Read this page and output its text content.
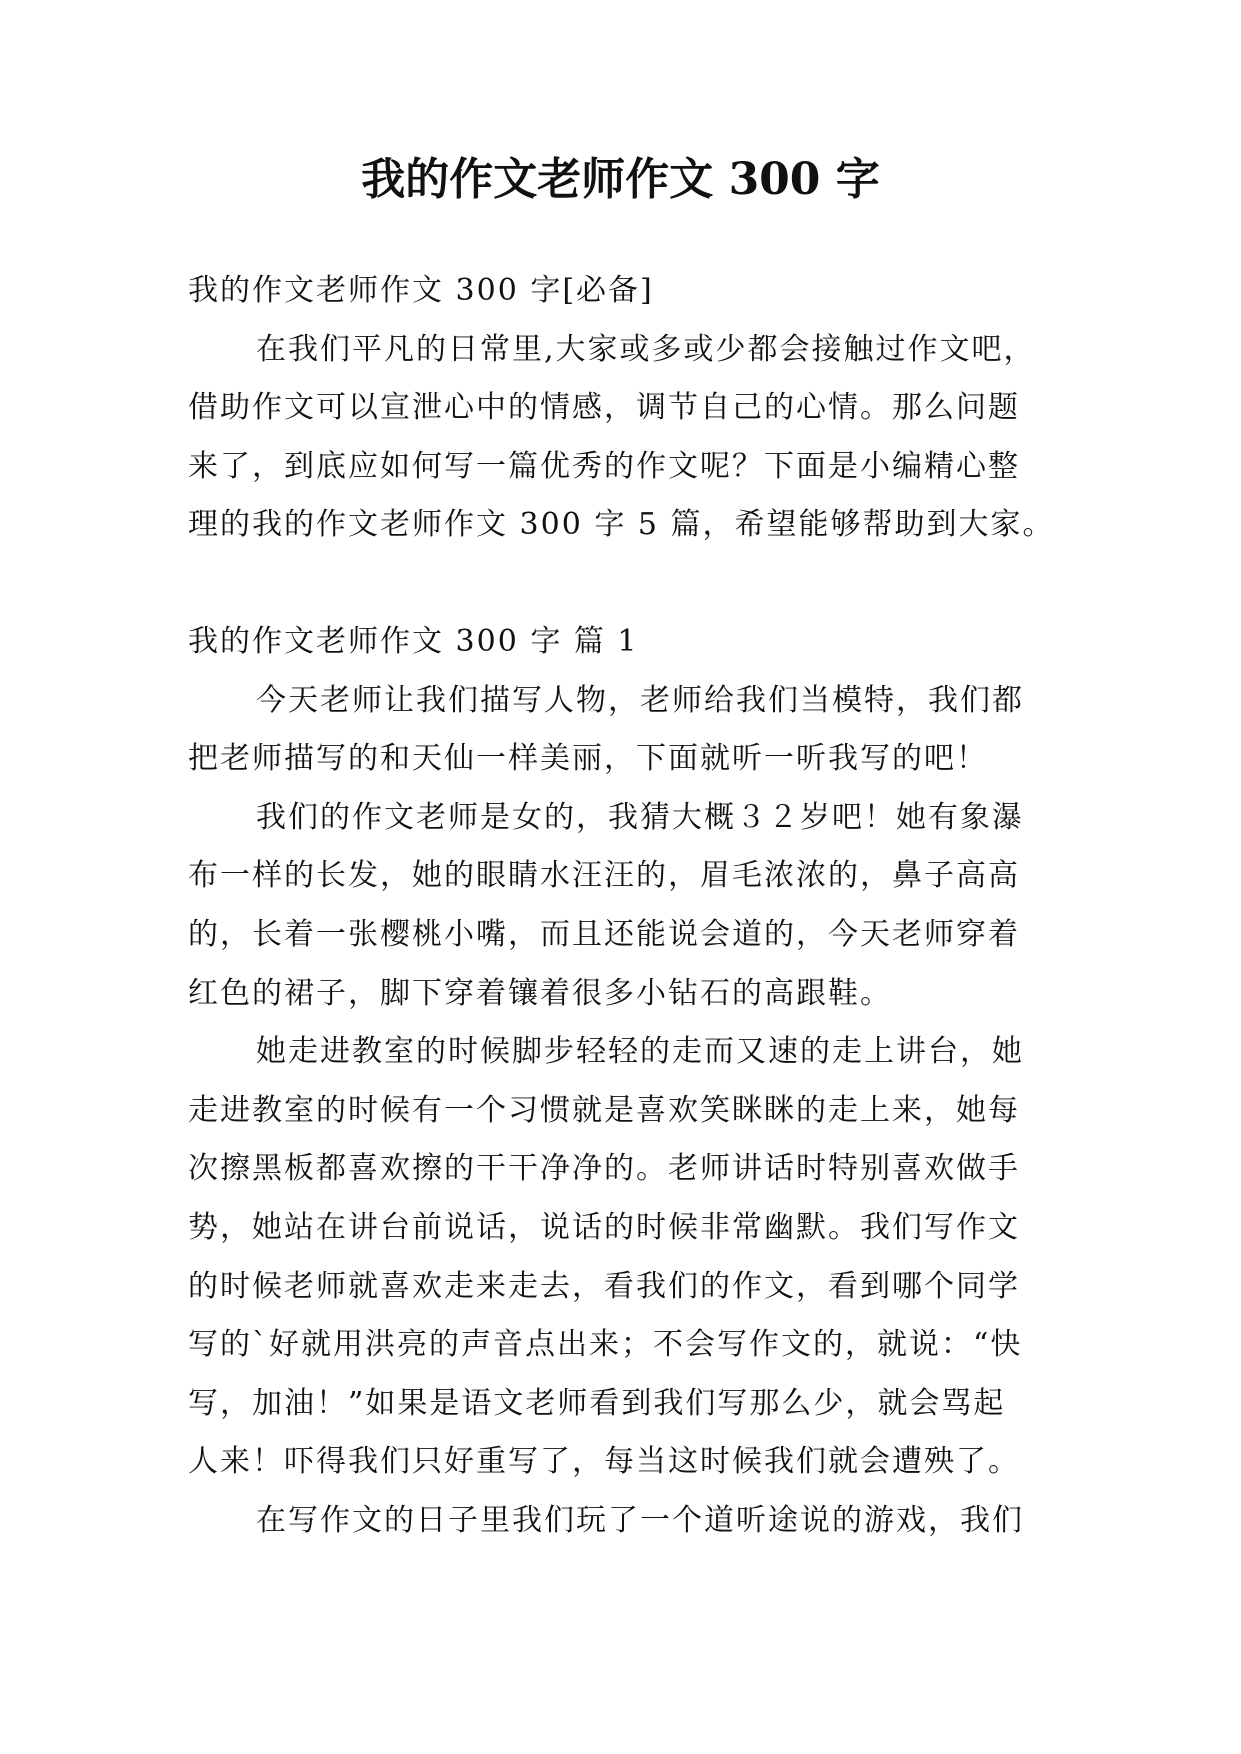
我的作文老师作文 300 字
我的作文老师作文 300 字[必备]
在我们平凡的日常里,大家或多或少都会接触过作文吧，
借助作文可以宣泄心中的情感，调节自己的心情。那么问题
来了，到底应如何写一篇优秀的作文呢？下面是小编精心整
理的我的作文老师作文 300 字 5 篇，希望能够帮助到大家。
我的作文老师作文 300 字 篇 1
今天老师让我们描写人物，老师给我们当模特，我们都
把老师描写的和天仙一样美丽，下面就听一听我写的吧！
我们的作文老师是女的，我猜大概３２岁吧！她有象瀑
布一样的长发，她的眼睛水汪汪的，眉毛浓浓的，鼻子高高
的，长着一张樱桃小嘴，而且还能说会道的，今天老师穿着
红色的裙子，脚下穿着镶着很多小钻石的高跟鞋。
她走进教室的时候脚步轻轻的走而又速的走上讲台，她
走进教室的时候有一个习惯就是喜欢笑眯眯的走上来，她每
次擦黑板都喜欢擦的干干净净的。老师讲话时特别喜欢做手
势，她站在讲台前说话，说话的时候非常幽默。我们写作文
的时候老师就喜欢走来走去，看我们的作文，看到哪个同学
写的`好就用洪亮的声音点出来；不会写作文的，就说：“快
写，加油！”如果是语文老师看到我们写那么少，就会骂起
人来！吓得我们只好重写了，每当这时候我们就会遭殃了。
在写作文的日子里我们玩了一个道听途说的游戏，我们
